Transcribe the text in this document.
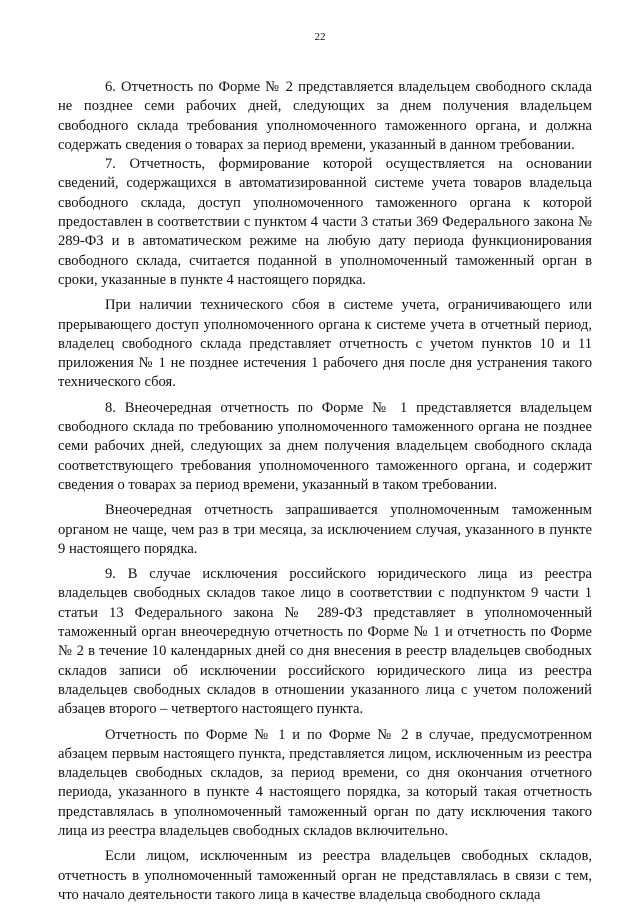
22

6. Отчетность по Форме № 2 представляется владельцем свободного склада не позднее семи рабочих дней, следующих за днем получения владельцем свободного склада требования уполномоченного таможенного органа, и должна содержать сведения о товарах за период времени, указанный в данном требовании.

7. Отчетность, формирование которой осуществляется на основании сведений, содержащихся в автоматизированной системе учета товаров владельца свободного склада, доступ уполномоченного таможенного органа к которой предоставлен в соответствии с пунктом 4 части 3 статьи 369 Федерального закона № 289-ФЗ и в автоматическом режиме на любую дату периода функционирования свободного склада, считается поданной в уполномоченный таможенный орган в сроки, указанные в пункте 4 настоящего порядка.

При наличии технического сбоя в системе учета, ограничивающего или прерывающего доступ уполномоченного органа к системе учета в отчетный период, владелец свободного склада представляет отчетность с учетом пунктов 10 и 11 приложения № 1 не позднее истечения 1 рабочего дня после дня устранения такого технического сбоя.

8. Внеочередная отчетность по Форме № 1 представляется владельцем свободного склада по требованию уполномоченного таможенного органа не позднее семи рабочих дней, следующих за днем получения владельцем свободного склада соответствующего требования уполномоченного таможенного органа, и содержит сведения о товарах за период времени, указанный в таком требовании.

Внеочередная отчетность запрашивается уполномоченным таможенным органом не чаще, чем раз в три месяца, за исключением случая, указанного в пункте 9 настоящего порядка.

9. В случае исключения российского юридического лица из реестра владельцев свободных складов такое лицо в соответствии с подпунктом 9 части 1 статьи 13 Федерального закона № 289-ФЗ представляет в уполномоченный таможенный орган внеочередную отчетность по Форме № 1 и отчетность по Форме № 2 в течение 10 календарных дней со дня внесения в реестр владельцев свободных складов записи об исключении российского юридического лица из реестра владельцев свободных складов в отношении указанного лица с учетом положений абзацев второго – четвертого настоящего пункта.

Отчетность по Форме № 1 и по Форме № 2 в случае, предусмотренном абзацем первым настоящего пункта, представляется лицом, исключенным из реестра владельцев свободных складов, за период времени, со дня окончания отчетного периода, указанного в пункте 4 настоящего порядка, за который такая отчетность представлялась в уполномоченный таможенный орган по дату исключения такого лица из реестра владельцев свободных складов включительно.

Если лицом, исключенным из реестра владельцев свободных складов, отчетность в уполномоченный таможенный орган не представлялась в связи с тем, что начало деятельности такого лица в качестве владельца свободного склада
